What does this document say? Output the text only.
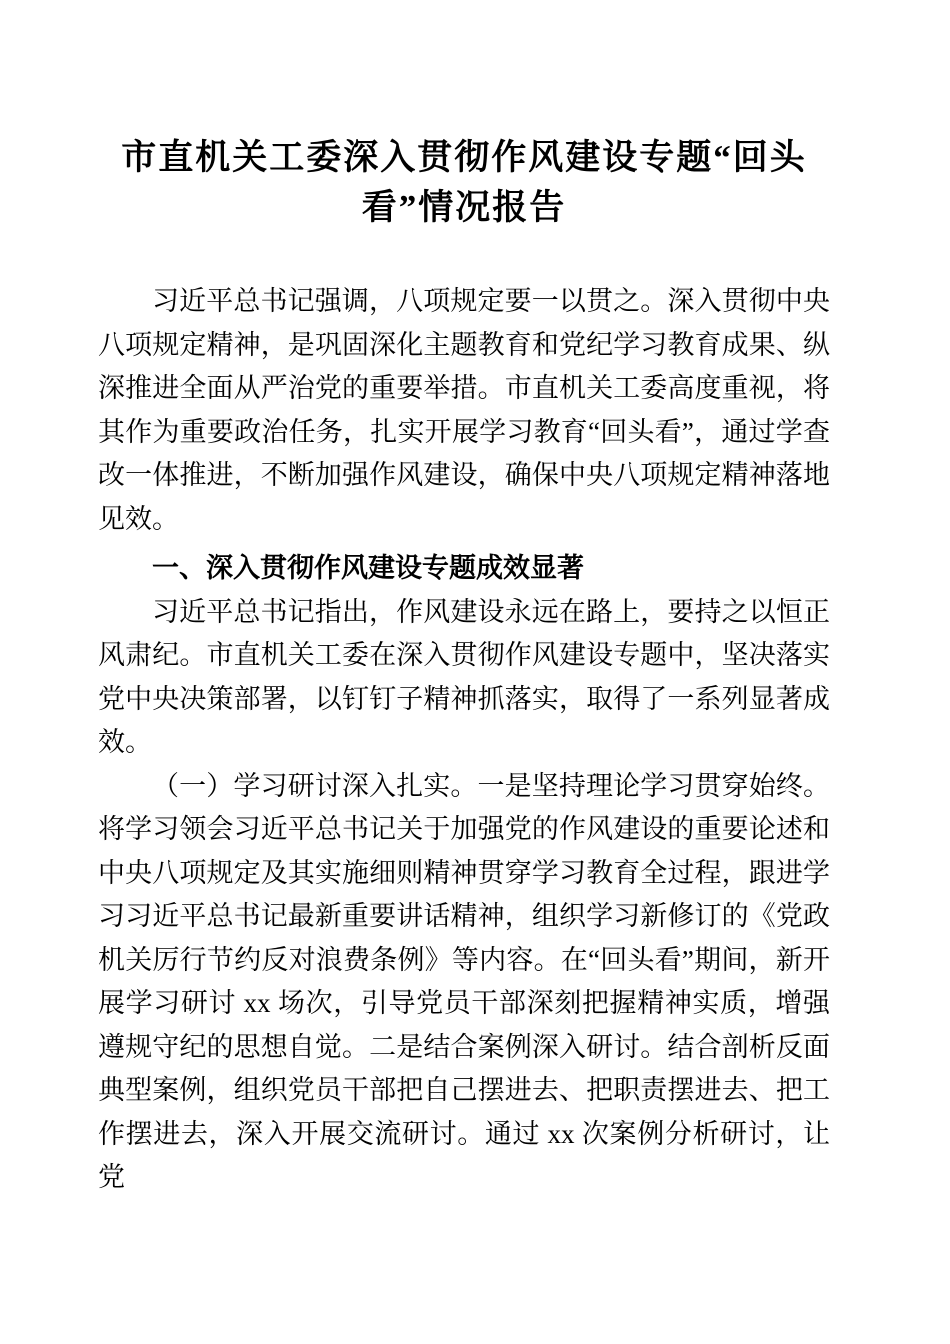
市直机关工委深入贯彻作风建设专题“回头
看”情况报告

习近平总书记强调，八项规定要一以贯之。深入贯彻中央八项规定精神，是巩固深化主题教育和党纪学习教育成果、纵深推进全面从严治党的重要举措。市直机关工委高度重视，将其作为重要政治任务，扎实开展学习教育“回头看”，通过学查改一体推进，不断加强作风建设，确保中央八项规定精神落地见效。

一、深入贯彻作风建设专题成效显著

习近平总书记指出，作风建设永远在路上，要持之以恒正风肃纪。市直机关工委在深入贯彻作风建设专题中，坚决落实党中央决策部署，以钉钉子精神抓落实，取得了一系列显著成效。

（一）学习研讨深入扎实。一是坚持理论学习贯穿始终。将学习领会习近平总书记关于加强党的作风建设的重要论述和中央八项规定及其实施细则精神贯穿学习教育全过程，跟进学习习近平总书记最新重要讲话精神，组织学习新修订的《党政机关厉行节约反对浪费条例》等内容。在“回头看”期间，新开展学习研讨 xx 场次，引导党员干部深刻把握精神实质，增强遵规守纪的思想自觉。二是结合案例深入研讨。结合剖析反面典型案例，组织党员干部把自己摆进去、把职责摆进去、把工作摆进去，深入开展交流研讨。通过 xx 次案例分析研讨，让党
